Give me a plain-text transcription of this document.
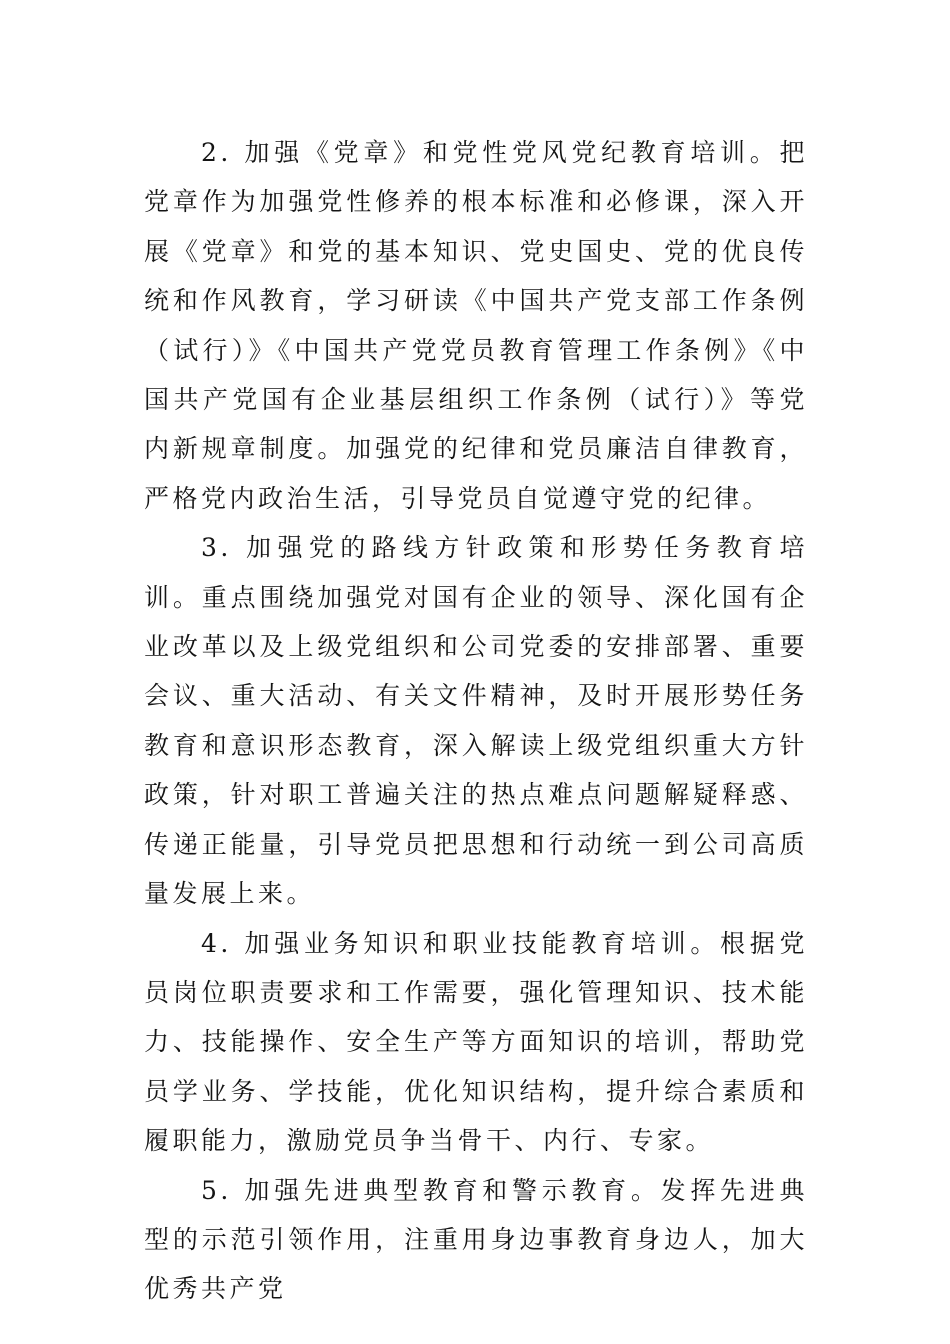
2. 加强《党章》和党性党风党纪教育培训。把党章作为加强党性修养的根本标准和必修课，深入开展《党章》和党的基本知识、党史国史、党的优良传统和作风教育，学习研读《中国共产党支部工作条例（试行）》《中国共产党党员教育管理工作条例》《中国共产党国有企业基层组织工作条例（试行）》等党内新规章制度。加强党的纪律和党员廉洁自律教育，严格党内政治生活，引导党员自觉遵守党的纪律。

3. 加强党的路线方针政策和形势任务教育培训。重点围绕加强党对国有企业的领导、深化国有企业改革以及上级党组织和公司党委的安排部署、重要会议、重大活动、有关文件精神，及时开展形势任务教育和意识形态教育，深入解读上级党组织重大方针政策，针对职工普遍关注的热点难点问题解疑释惑、传递正能量，引导党员把思想和行动统一到公司高质量发展上来。

4. 加强业务知识和职业技能教育培训。根据党员岗位职责要求和工作需要，强化管理知识、技术能力、技能操作、安全生产等方面知识的培训，帮助党员学业务、学技能，优化知识结构，提升综合素质和履职能力，激励党员争当骨干、内行、专家。

5. 加强先进典型教育和警示教育。发挥先进典型的示范引领作用，注重用身边事教育身边人，加大优秀共产党
